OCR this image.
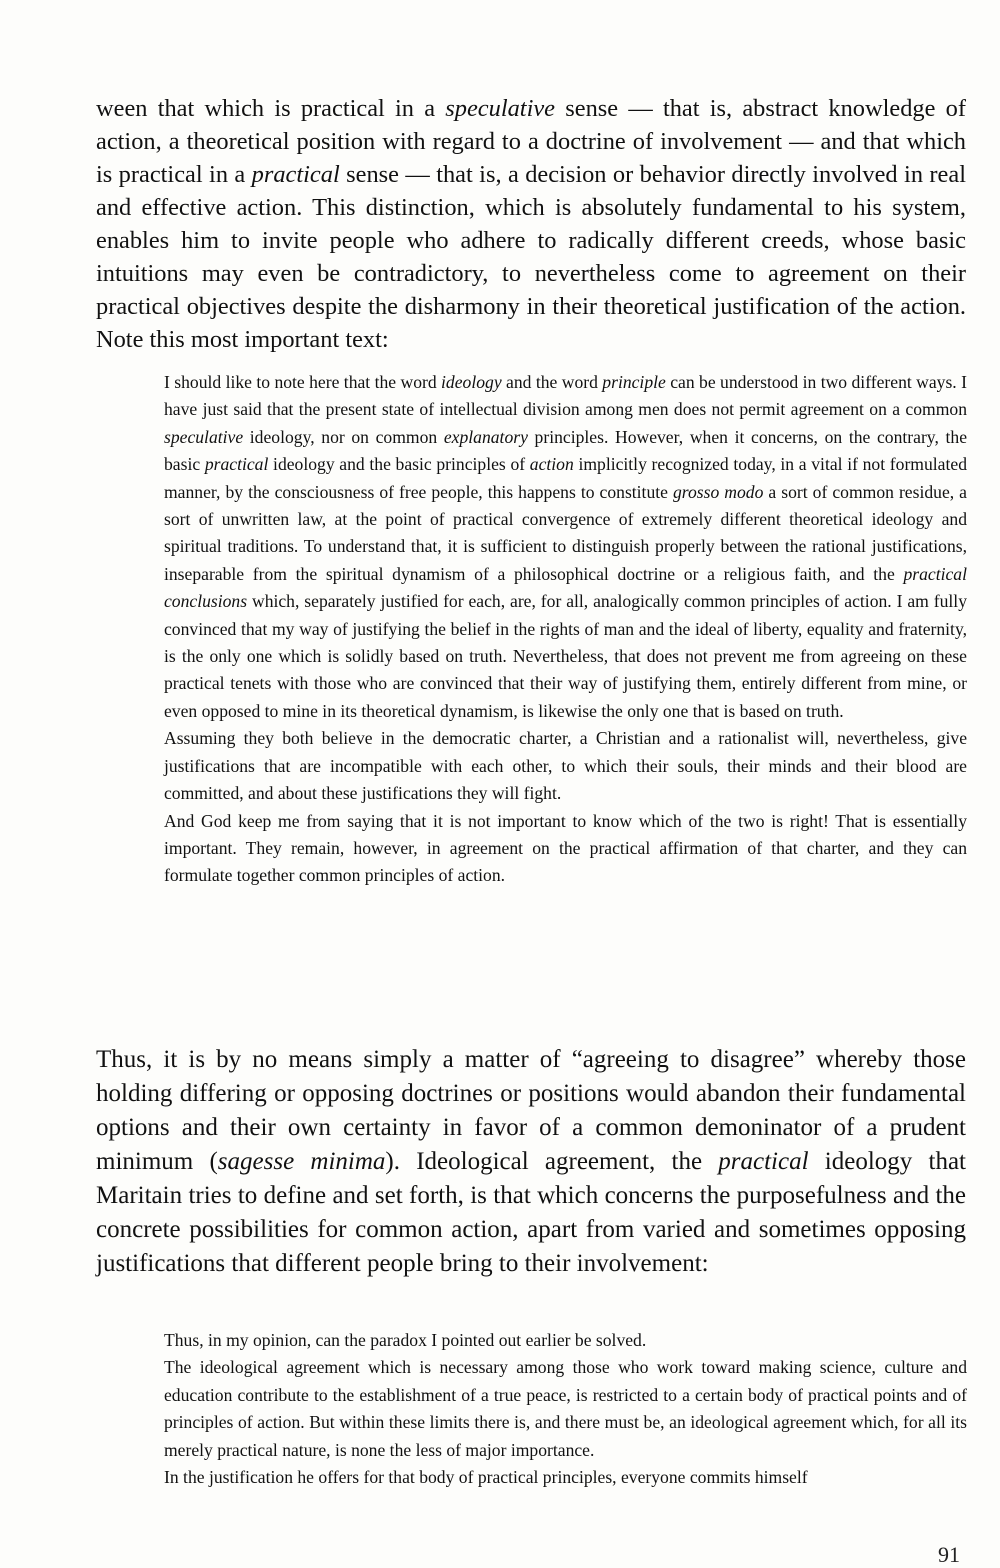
ween that which is practical in a speculative sense — that is, abstract knowledge of action, a theoretical position with regard to a doctrine of involvement — and that which is practical in a practical sense — that is, a decision or behavior directly involved in real and effective action. This distinction, which is absolutely fundamental to his system, enables him to invite people who adhere to radically different creeds, whose basic intuitions may even be contradictory, to nevertheless come to agreement on their practical objectives despite the disharmony in their theoretical justification of the action. Note this most important text:

I should like to note here that the word ideology and the word principle can be understood in two different ways. I have just said that the present state of intellectual division among men does not permit agreement on a common speculative ideology, nor on common explanatory principles. However, when it concerns, on the contrary, the basic practical ideology and the basic principles of action implicitly recognized today, in a vital if not formulated manner, by the consciousness of free people, this happens to constitute grosso modo a sort of common residue, a sort of unwritten law, at the point of practical convergence of extremely different theoretical ideology and spiritual traditions. To understand that, it is sufficient to distinguish properly between the rational justifications, inseparable from the spiritual dynamism of a philosophical doctrine or a religious faith, and the practical conclusions which, separately justified for each, are, for all, analogically common principles of action. I am fully convinced that my way of justifying the belief in the rights of man and the ideal of liberty, equality and fraternity, is the only one which is solidly based on truth. Nevertheless, that does not prevent me from agreeing on these practical tenets with those who are convinced that their way of justifying them, entirely different from mine, or even opposed to mine in its theoretical dynamism, is likewise the only one that is based on truth.

Assuming they both believe in the democratic charter, a Christian and a rationalist will, nevertheless, give justifications that are incompatible with each other, to which their souls, their minds and their blood are committed, and about these justifications they will fight.

And God keep me from saying that it is not important to know which of the two is right! That is essentially important. They remain, however, in agreement on the practical affirmation of that charter, and they can formulate together common principles of action.

Thus, it is by no means simply a matter of “agreeing to disagree” whereby those holding differing or opposing doctrines or positions would abandon their fundamental options and their own certainty in favor of a common demoninator of a prudent minimum (sagesse minima). Ideological agreement, the practical ideology that Maritain tries to define and set forth, is that which concerns the purposefulness and the concrete possibilities for common action, apart from varied and sometimes opposing justifications that different people bring to their involvement:

Thus, in my opinion, can the paradox I pointed out earlier be solved.

The ideological agreement which is necessary among those who work toward making science, culture and education contribute to the establishment of a true peace, is restricted to a certain body of practical points and of principles of action. But within these limits there is, and there must be, an ideological agreement which, for all its merely practical nature, is none the less of major importance.

In the justification he offers for that body of practical principles, everyone commits himself

91
